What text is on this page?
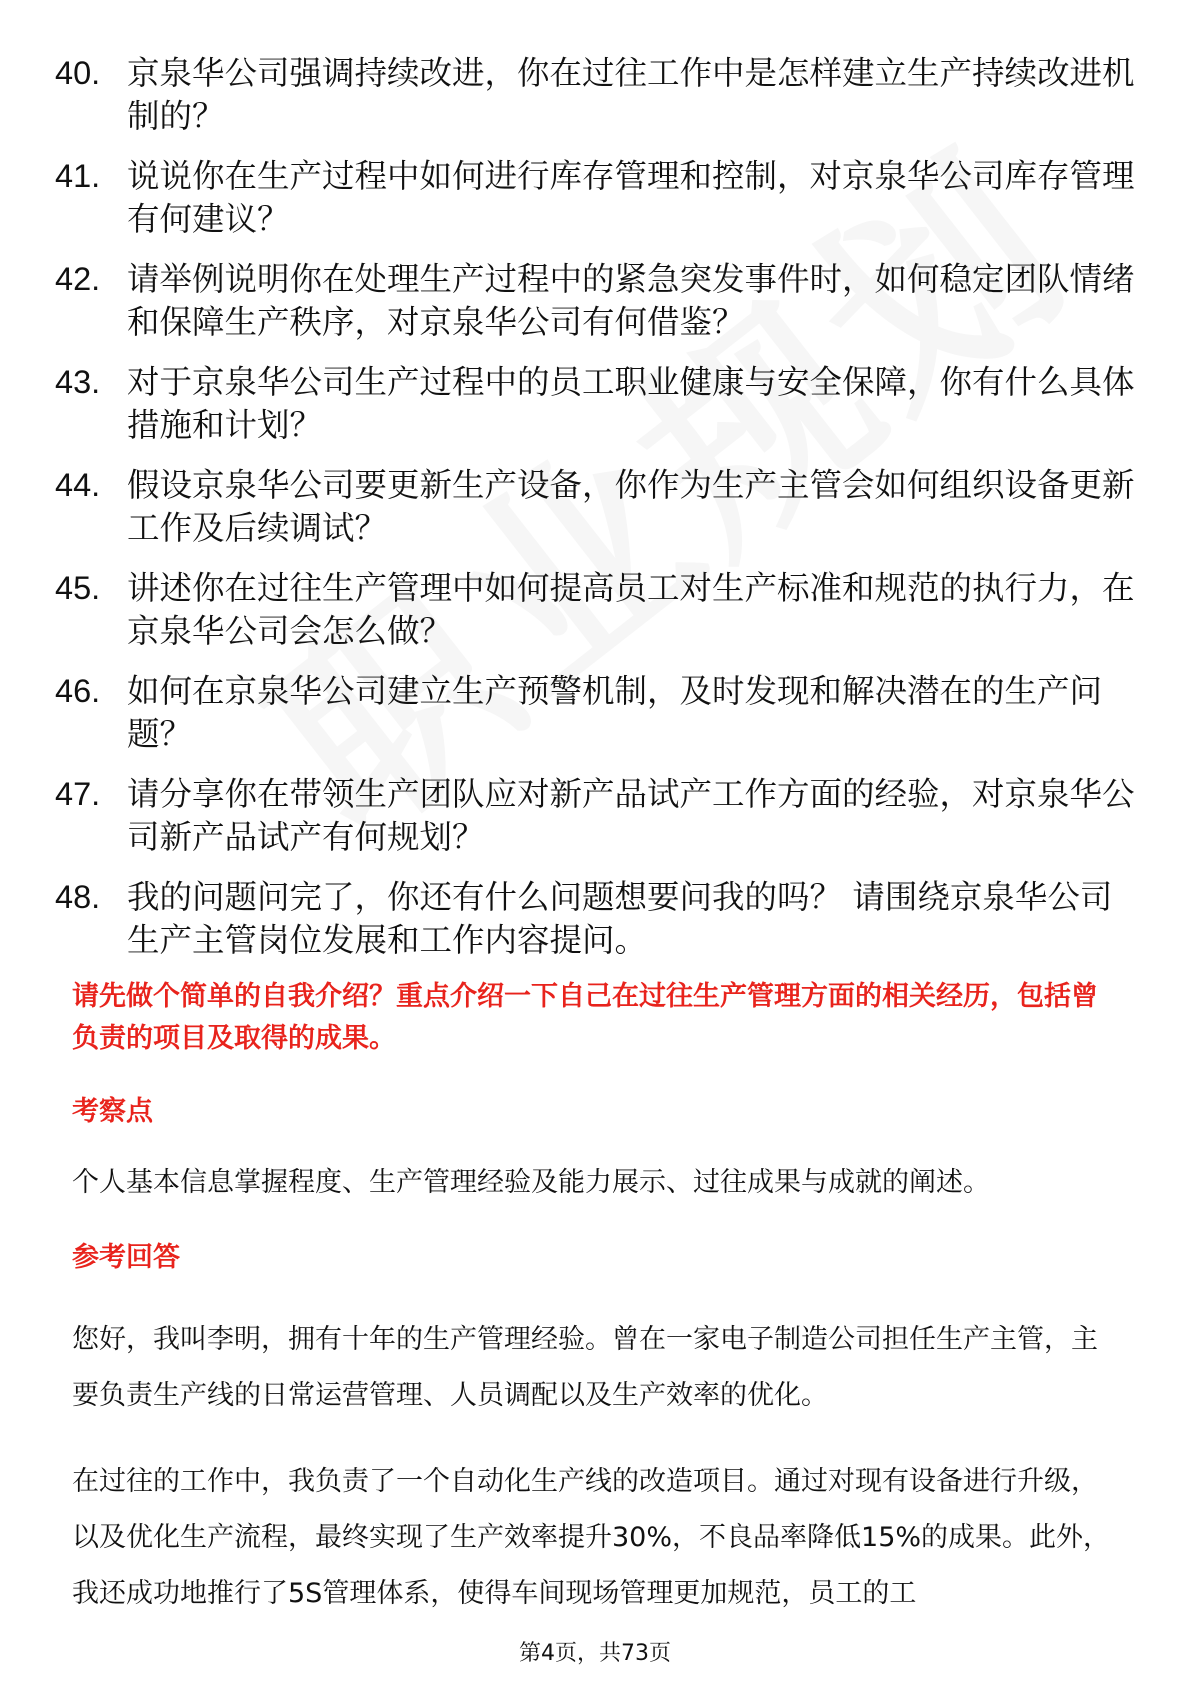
40. 京泉华公司强调持续改进，你在过往工作中是怎样建立生产持续改进机制的？
41. 说说你在生产过程中如何进行库存管理和控制，对京泉华公司库存管理有何建议？
42. 请举例说明你在处理生产过程中的紧急突发事件时，如何稳定团队情绪和保障生产秩序，对京泉华公司有何借鉴？
43. 对于京泉华公司生产过程中的员工职业健康与安全保障，你有什么具体措施和计划？
44. 假设京泉华公司要更新生产设备，你作为生产主管会如何组织设备更新工作及后续调试？
45. 讲述你在过往生产管理中如何提高员工对生产标准和规范的执行力，在京泉华公司会怎么做？
46. 如何在京泉华公司建立生产预警机制，及时发现和解决潜在的生产问题？
47. 请分享你在带领生产团队应对新产品试产工作方面的经验，对京泉华公司新产品试产有何规划？
48. 我的问题问完了，你还有什么问题想要问我的吗？ 请围绕京泉华公司生产主管岗位发展和工作内容提问。
请先做个简单的自我介绍？重点介绍一下自己在过往生产管理方面的相关经历，包括曾负责的项目及取得的成果。
考察点
个人基本信息掌握程度、生产管理经验及能力展示、过往成果与成就的阐述。
参考回答
您好，我叫李明，拥有十年的生产管理经验。曾在一家电子制造公司担任生产主管，主要负责生产线的日常运营管理、人员调配以及生产效率的优化。
在过往的工作中，我负责了一个自动化生产线的改造项目。通过对现有设备进行升级，以及优化生产流程，最终实现了生产效率提升30%，不良品率降低15%的成果。此外，我还成功地推行了5S管理体系，使得车间现场管理更加规范，员工的工
第4页，共73页
